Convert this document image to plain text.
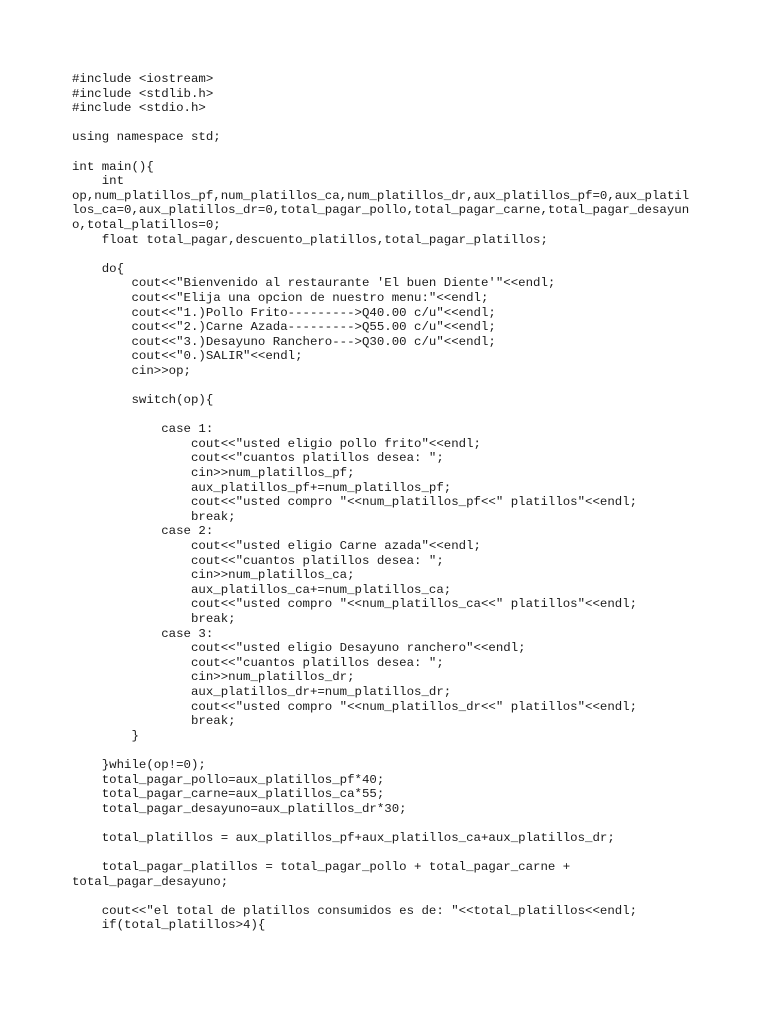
#include <iostream>
#include <stdlib.h>
#include <stdio.h>
using namespace std;
int main(){
int
op,num_platillos_pf,num_platillos_ca,num_platillos_dr,aux_platillos_pf=0,aux_platil
los_ca=0,aux_platillos_dr=0,total_pagar_pollo,total_pagar_carne,total_pagar_desayun
o,total_platillos=0;
float total_pagar,descuento_platillos,total_pagar_platillos;
do{
cout<<"Bienvenido al restaurante 'El buen Diente'"<<endl;
cout<<"Elija una opcion de nuestro menu:"<<endl;
cout<<"1.)Pollo Frito--------->Q40.00 c/u"<<endl;
cout<<"2.)Carne Azada--------->Q55.00 c/u"<<endl;
cout<<"3.)Desayuno Ranchero--->Q30.00 c/u"<<endl;
cout<<"0.)SALIR"<<endl;
cin>>op;
switch(op){
case 1:
cout<<"usted eligio pollo frito"<<endl;
cout<<"cuantos platillos desea: ";
cin>>num_platillos_pf;
aux_platillos_pf+=num_platillos_pf;
cout<<"usted compro "<<num_platillos_pf<<" platillos"<<endl;
break;
case 2:
cout<<"usted eligio Carne azada"<<endl;
cout<<"cuantos platillos desea: ";
cin>>num_platillos_ca;
aux_platillos_ca+=num_platillos_ca;
cout<<"usted compro "<<num_platillos_ca<<" platillos"<<endl;
break;
case 3:
cout<<"usted eligio Desayuno ranchero"<<endl;
cout<<"cuantos platillos desea: ";
cin>>num_platillos_dr;
aux_platillos_dr+=num_platillos_dr;
cout<<"usted compro "<<num_platillos_dr<<" platillos"<<endl;
break;
}
}while(op!=0);
total_pagar_pollo=aux_platillos_pf*40;
total_pagar_carne=aux_platillos_ca*55;
total_pagar_desayuno=aux_platillos_dr*30;
total_platillos = aux_platillos_pf+aux_platillos_ca+aux_platillos_dr;
total_pagar_platillos = total_pagar_pollo + total_pagar_carne +
total_pagar_desayuno;
cout<<"el total de platillos consumidos es de: "<<total_platillos<<endl;
if(total_platillos>4){
